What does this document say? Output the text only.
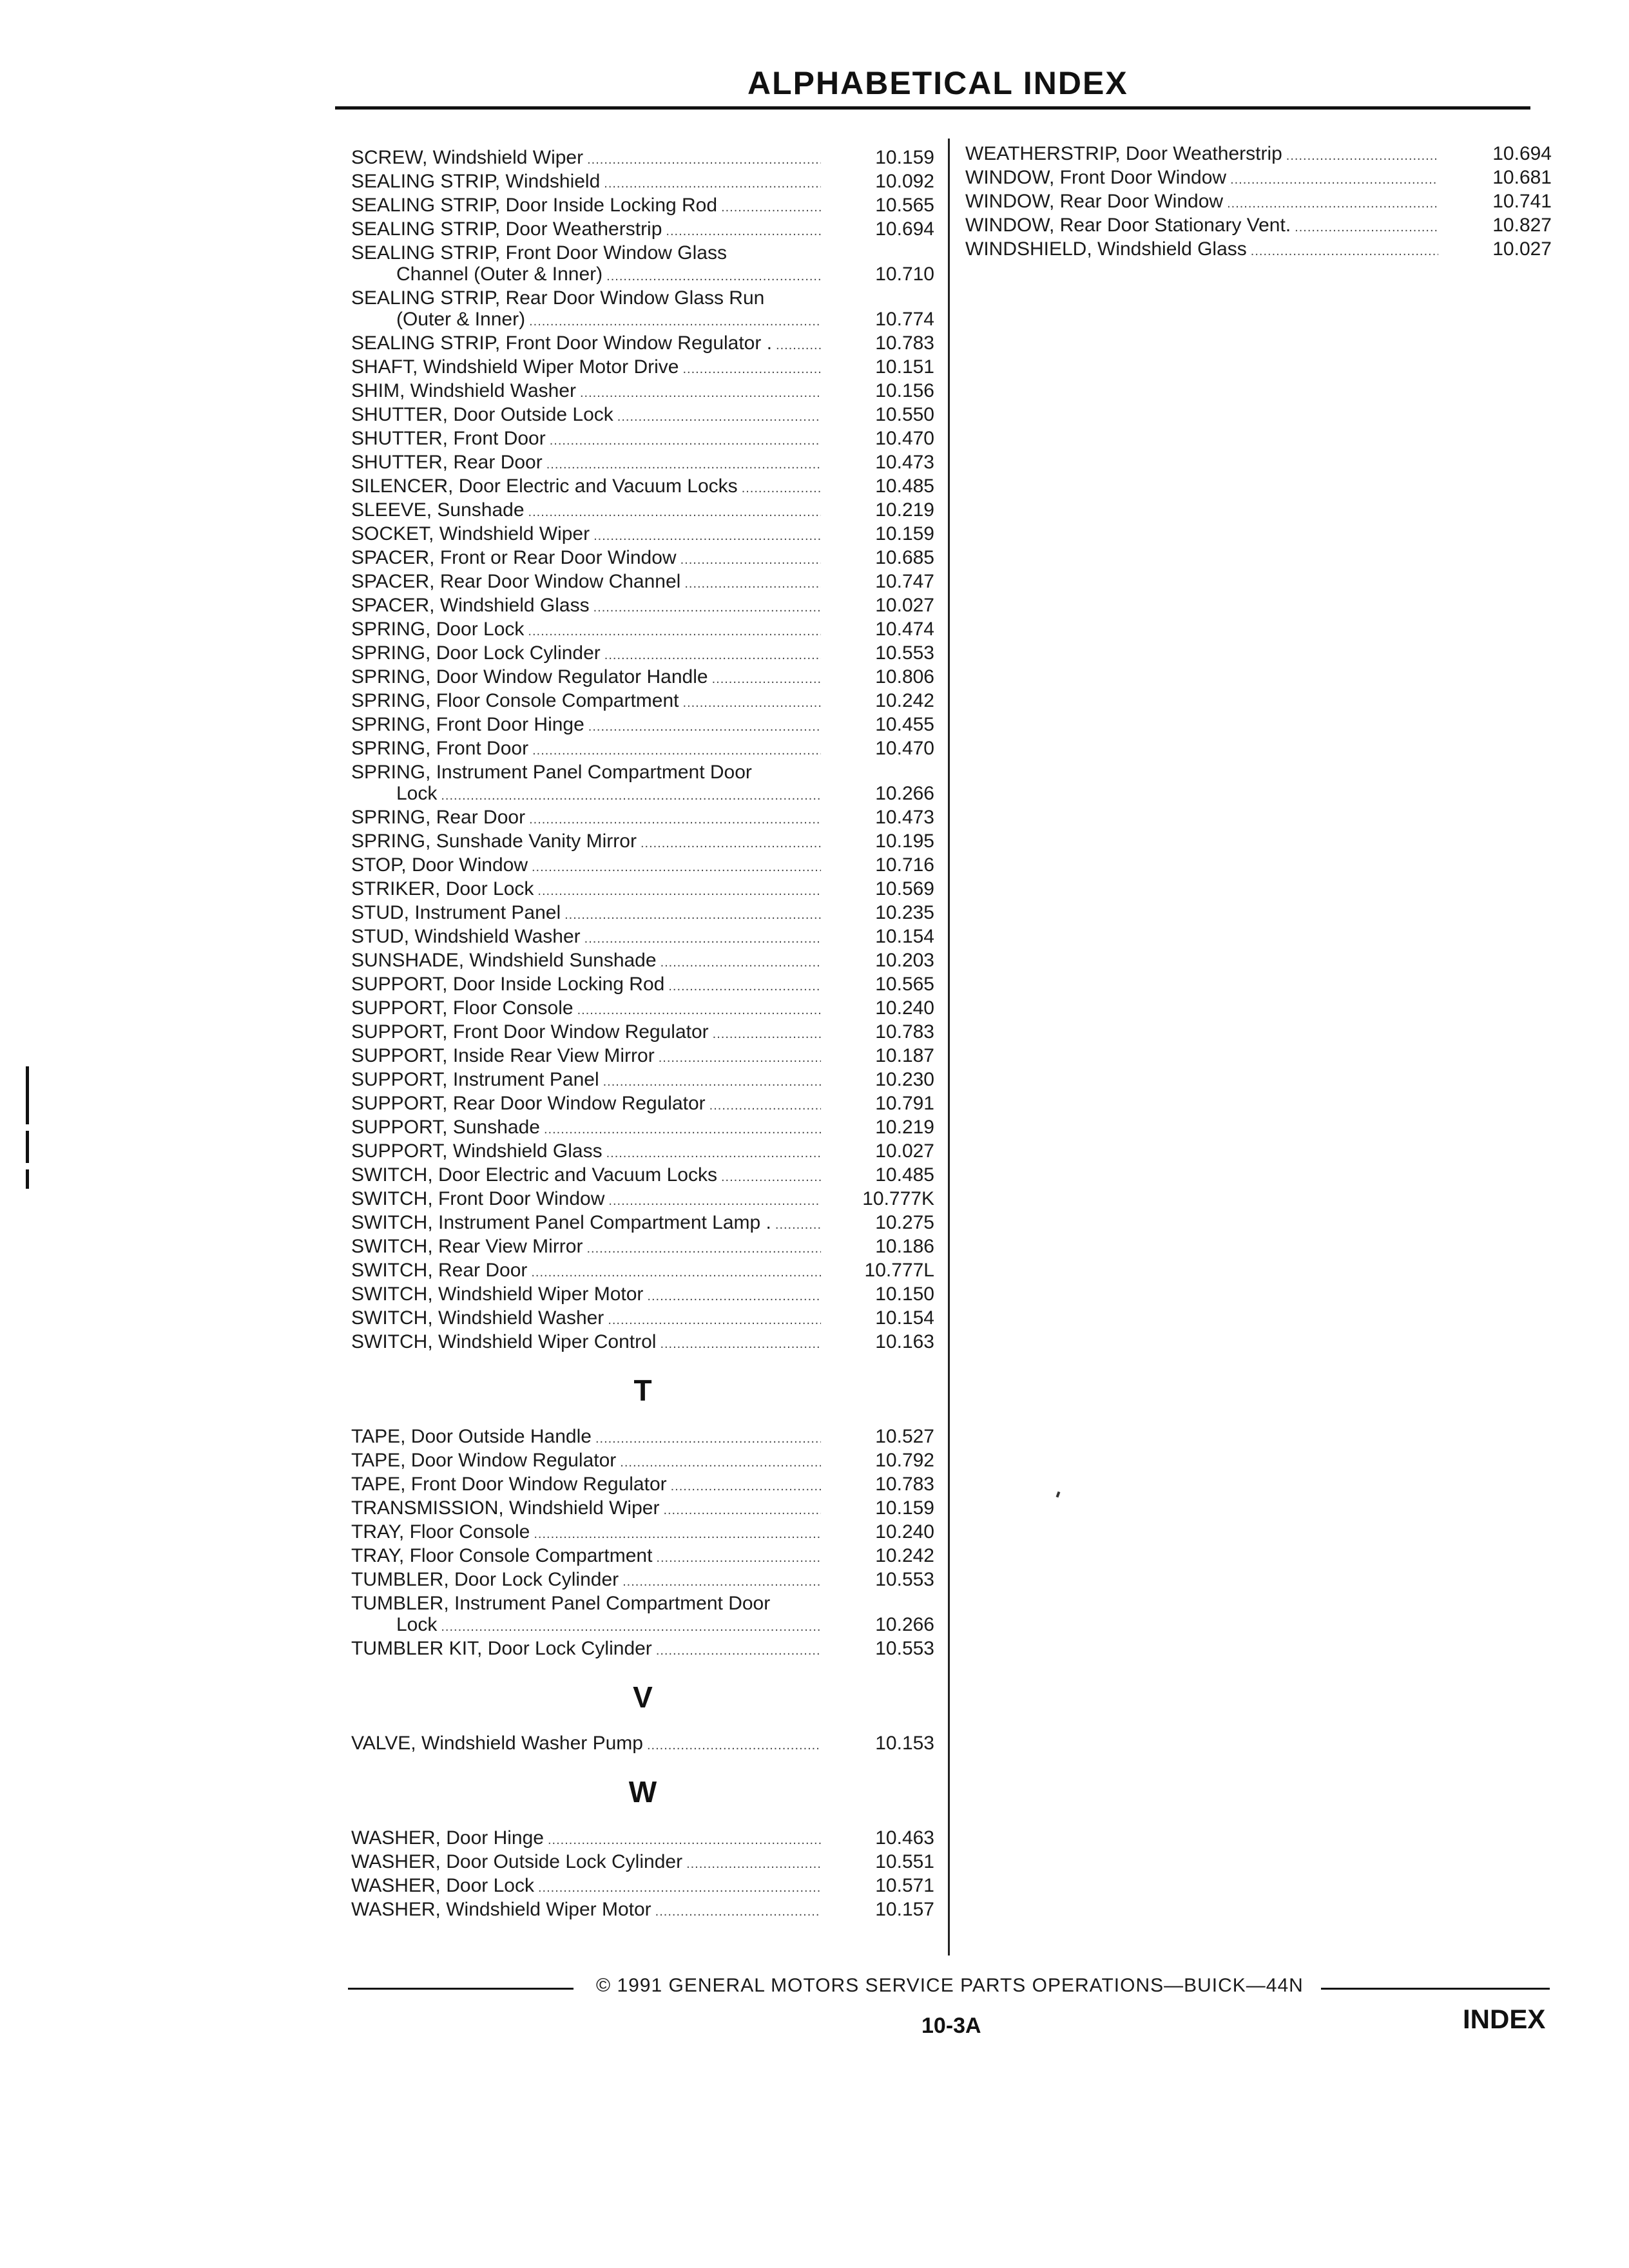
ALPHABETICAL INDEX
SCREW, Windshield Wiper .....	10.159
SEALING STRIP, Windshield .....	10.092
SEALING STRIP, Door Inside Locking Rod .....	10.565
SEALING STRIP, Door Weatherstrip .....	10.694
SEALING STRIP, Front Door Window Glass
Channel (Outer & Inner) .....	10.710
SEALING STRIP, Rear Door Window Glass Run
(Outer & Inner) .....	10.774
SEALING STRIP, Front Door Window Regulator . .....	10.783
SHAFT, Windshield Wiper Motor Drive .....	10.151
SHIM, Windshield Washer .....	10.156
SHUTTER, Door Outside Lock .....	10.550
SHUTTER, Front Door .....	10.470
SHUTTER, Rear Door .....	10.473
SILENCER, Door Electric and Vacuum Locks .....	10.485
SLEEVE, Sunshade .....	10.219
SOCKET, Windshield Wiper .....	10.159
SPACER, Front or Rear Door Window .....	10.685
SPACER, Rear Door Window Channel .....	10.747
SPACER, Windshield Glass .....	10.027
SPRING, Door Lock .....	10.474
SPRING, Door Lock Cylinder .....	10.553
SPRING, Door Window Regulator Handle .....	10.806
SPRING, Floor Console Compartment .....	10.242
SPRING, Front Door Hinge .....	10.455
SPRING, Front Door .....	10.470
SPRING, Instrument Panel Compartment Door
Lock .....	10.266
SPRING, Rear Door .....	10.473
SPRING, Sunshade Vanity Mirror .....	10.195
STOP, Door Window .....	10.716
STRIKER, Door Lock .....	10.569
STUD, Instrument Panel .....	10.235
STUD, Windshield Washer .....	10.154
SUNSHADE, Windshield Sunshade .....	10.203
SUPPORT, Door Inside Locking Rod .....	10.565
SUPPORT, Floor Console .....	10.240
SUPPORT, Front Door Window Regulator .....	10.783
SUPPORT, Inside Rear View Mirror .....	10.187
SUPPORT, Instrument Panel .....	10.230
SUPPORT, Rear Door Window Regulator .....	10.791
SUPPORT, Sunshade .....	10.219
SUPPORT, Windshield Glass .....	10.027
SWITCH, Door Electric and Vacuum Locks .....	10.485
SWITCH, Front Door Window .....	10.777K
SWITCH, Instrument Panel Compartment Lamp . .....	10.275
SWITCH, Rear View Mirror .....	10.186
SWITCH, Rear Door .....	10.777L
SWITCH, Windshield Wiper Motor .....	10.150
SWITCH, Windshield Washer .....	10.154
SWITCH, Windshield Wiper Control .....	10.163
T
TAPE, Door Outside Handle .....	10.527
TAPE, Door Window Regulator .....	10.792
TAPE, Front Door Window Regulator .....	10.783
TRANSMISSION, Windshield Wiper .....	10.159
TRAY, Floor Console .....	10.240
TRAY, Floor Console Compartment .....	10.242
TUMBLER, Door Lock Cylinder .....	10.553
TUMBLER, Instrument Panel Compartment Door
Lock .....	10.266
TUMBLER KIT, Door Lock Cylinder .....	10.553
V
VALVE, Windshield Washer Pump .....	10.153
W
WASHER, Door Hinge .....	10.463
WASHER, Door Outside Lock Cylinder .....	10.551
WASHER, Door Lock .....	10.571
WASHER, Windshield Wiper Motor .....	10.157
WEATHERSTRIP, Door Weatherstrip .....	10.694
WINDOW, Front Door Window .....	10.681
WINDOW, Rear Door Window .....	10.741
WINDOW, Rear Door Stationary Vent. .....	10.827
WINDSHIELD, Windshield Glass .....	10.027
© 1991 GENERAL MOTORS SERVICE PARTS OPERATIONS—BUICK—44N
10-3A	INDEX
